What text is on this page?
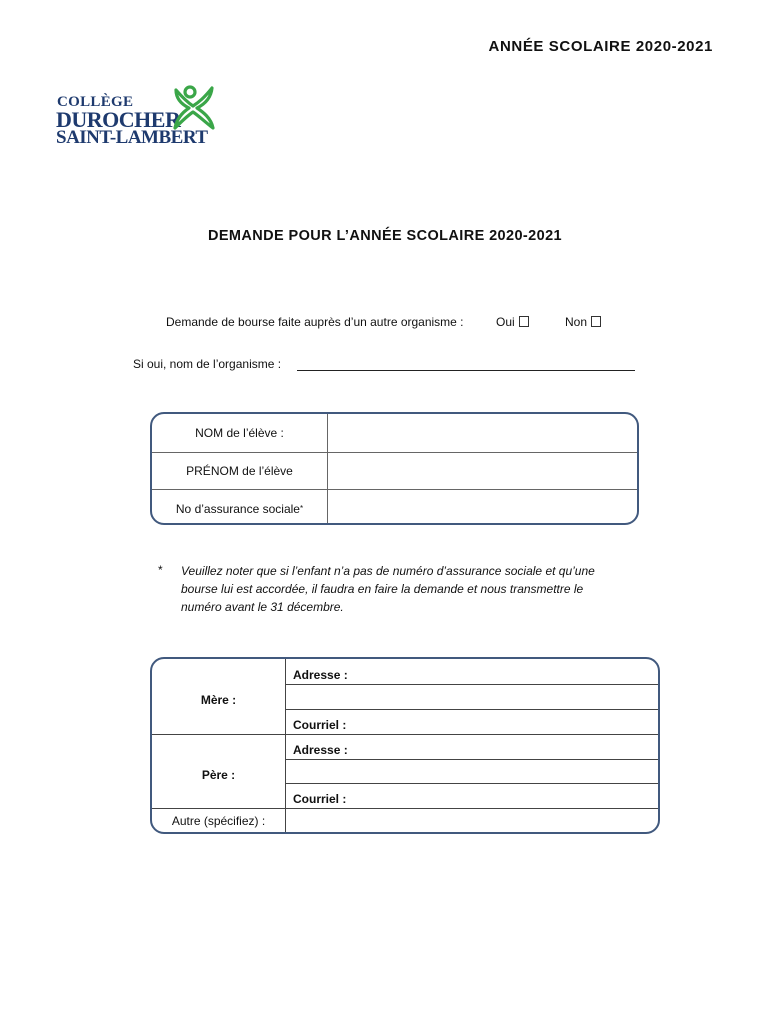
ANNÉE SCOLAIRE 2020-2021
COLLÈGE
DUROCHER
SAINT-LAMBERT
DEMANDE POUR L’ANNÉE SCOLAIRE 2020-2021
Demande de bourse faite auprès d’un autre organisme :	Oui	Non
Si oui, nom de l’organisme :
NOM de l’élève :
PRÉNOM de l’élève
No d’assurance sociale *
* Veuillez noter que si l’enfant n’a pas de numéro d’assurance sociale et qu’une bourse lui est accordée, il faudra en faire la demande et nous transmettre le numéro avant le 31 décembre.
Adresse :
Courriel :
Mère :
Adresse :
Courriel :
Père :
Autre (spécifiez) :
